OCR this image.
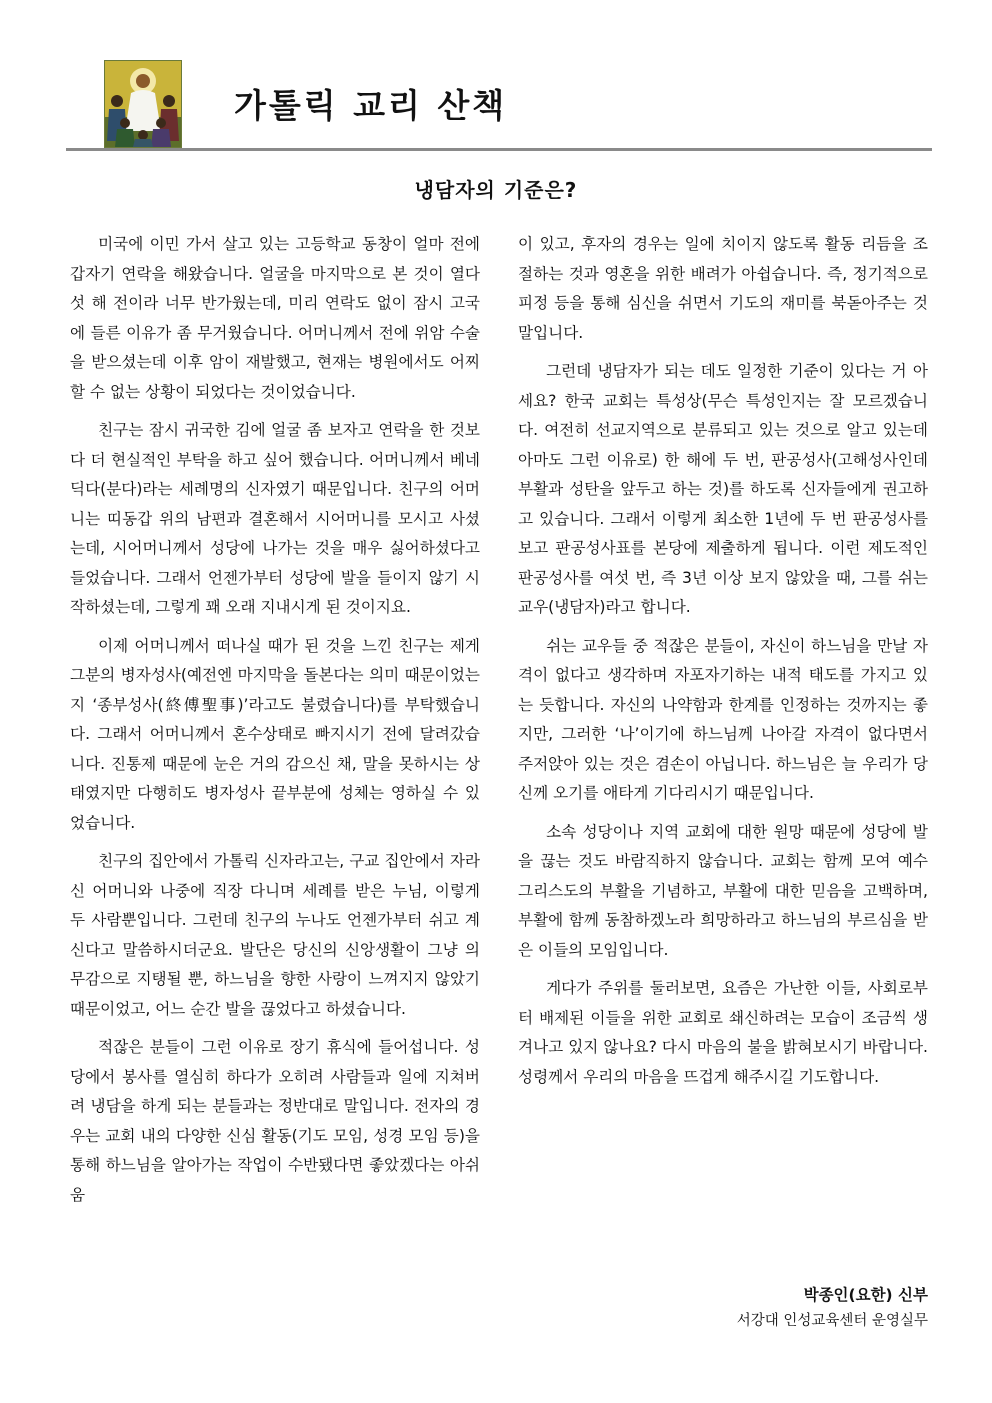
가톨릭 교리 산책
냉담자의 기준은?

미국에 이민 가서 살고 있는 고등학교 동창이 얼마 전에 갑자기 연락을 해왔습니다. 얼굴을 마지막으로 본 것이 열다섯 해 전이라 너무 반가웠는데, 미리 연락도 없이 잠시 고국에 들른 이유가 좀 무거웠습니다. 어머니께서 전에 위암 수술을 받으셨는데 이후 암이 재발했고, 현재는 병원에서도 어찌할 수 없는 상황이 되었다는 것이었습니다.

친구는 잠시 귀국한 김에 얼굴 좀 보자고 연락을 한 것보다 더 현실적인 부탁을 하고 싶어 했습니다. 어머니께서 베네딕다(분다)라는 세례명의 신자였기 때문입니다. 친구의 어머니는 띠동갑 위의 남편과 결혼해서 시어머니를 모시고 사셨는데, 시어머니께서 성당에 나가는 것을 매우 싫어하셨다고 들었습니다. 그래서 언젠가부터 성당에 발을 들이지 않기 시작하셨는데, 그렇게 꽤 오래 지내시게 된 것이지요.

이제 어머니께서 떠나실 때가 된 것을 느낀 친구는 제게 그분의 병자성사(예전엔 마지막을 돌본다는 의미 때문이었는지 ‘종부성사(終傅聖事)’라고도 불렸습니다)를 부탁했습니다. 그래서 어머니께서 혼수상태로 빠지시기 전에 달려갔습니다. 진통제 때문에 눈은 거의 감으신 채, 말을 못하시는 상태였지만 다행히도 병자성사 끝부분에 성체는 영하실 수 있었습니다.

친구의 집안에서 가톨릭 신자라고는, 구교 집안에서 자라신 어머니와 나중에 직장 다니며 세례를 받은 누님, 이렇게 두 사람뿐입니다. 그런데 친구의 누나도 언젠가부터 쉬고 계신다고 말씀하시더군요. 발단은 당신의 신앙생활이 그냥 의무감으로 지탱될 뿐, 하느님을 향한 사랑이 느껴지지 않았기 때문이었고, 어느 순간 발을 끊었다고 하셨습니다.

적잖은 분들이 그런 이유로 장기 휴식에 들어섭니다. 성당에서 봉사를 열심히 하다가 오히려 사람들과 일에 지쳐버려 냉담을 하게 되는 분들과는 정반대로 말입니다. 전자의 경우는 교회 내의 다양한 신심 활동(기도 모임, 성경 모임 등)을 통해 하느님을 알아가는 작업이 수반됐다면 좋았겠다는 아쉬움

이 있고, 후자의 경우는 일에 치이지 않도록 활동 리듬을 조절하는 것과 영혼을 위한 배려가 아쉽습니다. 즉, 정기적으로 피정 등을 통해 심신을 쉬면서 기도의 재미를 북돋아주는 것 말입니다.

그런데 냉담자가 되는 데도 일정한 기준이 있다는 거 아세요? 한국 교회는 특성상(무슨 특성인지는 잘 모르겠습니다. 여전히 선교지역으로 분류되고 있는 것으로 알고 있는데 아마도 그런 이유로) 한 해에 두 번, 판공성사(고해성사인데 부활과 성탄을 앞두고 하는 것)를 하도록 신자들에게 권고하고 있습니다. 그래서 이렇게 최소한 1년에 두 번 판공성사를 보고 판공성사표를 본당에 제출하게 됩니다. 이런 제도적인 판공성사를 여섯 번, 즉 3년 이상 보지 않았을 때, 그를 쉬는 교우(냉담자)라고 합니다.

쉬는 교우들 중 적잖은 분들이, 자신이 하느님을 만날 자격이 없다고 생각하며 자포자기하는 내적 태도를 가지고 있는 듯합니다. 자신의 나약함과 한계를 인정하는 것까지는 좋지만, 그러한 ‘나’이기에 하느님께 나아갈 자격이 없다면서 주저앉아 있는 것은 겸손이 아닙니다. 하느님은 늘 우리가 당신께 오기를 애타게 기다리시기 때문입니다.

소속 성당이나 지역 교회에 대한 원망 때문에 성당에 발을 끊는 것도 바람직하지 않습니다. 교회는 함께 모여 예수 그리스도의 부활을 기념하고, 부활에 대한 믿음을 고백하며, 부활에 함께 동참하겠노라 희망하라고 하느님의 부르심을 받은 이들의 모임입니다.

게다가 주위를 둘러보면, 요즘은 가난한 이들, 사회로부터 배제된 이들을 위한 교회로 쇄신하려는 모습이 조금씩 생겨나고 있지 않나요? 다시 마음의 불을 밝혀보시기 바랍니다. 성령께서 우리의 마음을 뜨겁게 해주시길 기도합니다.

박종인(요한) 신부
서강대 인성교육센터 운영실무
